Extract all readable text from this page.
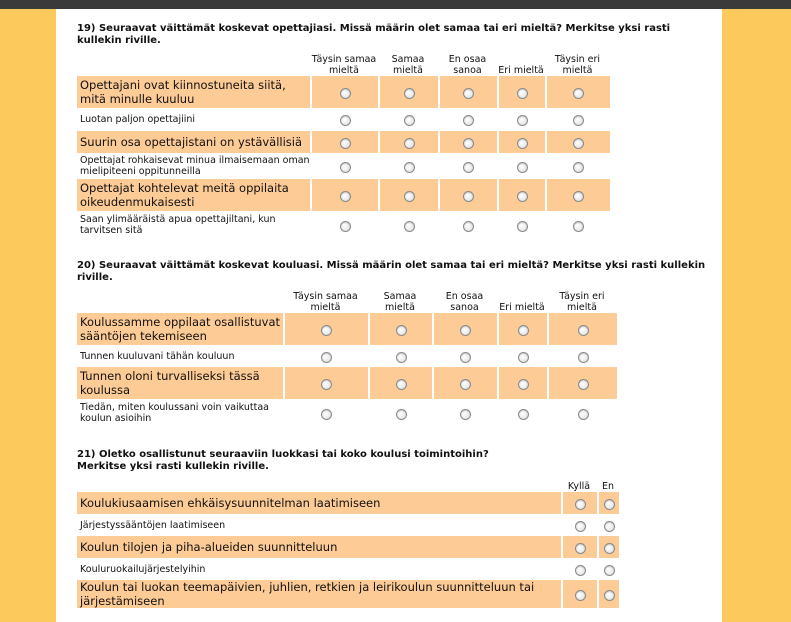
19) Seuraavat väittämät koskevat opettajiasi. Missä määrin olet samaa tai eri mieltä? Merkitse yksi rasti kullekin riville.
	Täysin samaa mieltä	Samaa mieltä	En osaa sanoa	Eri mieltä	Täysin eri mieltä
Opettajani ovat kiinnostuneita siitä, mitä minulle kuuluu					
Luotan paljon opettajiini					
Suurin osa opettajistani on ystävällisiä					
Opettajat rohkaisevat minua ilmaisemaan oman mielipiteeni oppitunneilla					
Opettajat kohtelevat meitä oppilaita oikeudenmukaisesti					
Saan ylimääräistä apua opettajiltani, kun tarvitsen sitä					
20) Seuraavat väittämät koskevat kouluasi. Missä määrin olet samaa tai eri mieltä? Merkitse yksi rasti kullekin riville.
	Täysin samaa mieltä	Samaa mieltä	En osaa sanoa	Eri mieltä	Täysin eri mieltä
Koulussamme oppilaat osallistuvat sääntöjen tekemiseen					
Tunnen kuuluvani tähän kouluun					
Tunnen oloni turvalliseksi tässä koulussa					
Tiedän, miten koulussani voin vaikuttaa koulun asioihin					
21) Oletko osallistunut seuraaviin luokkasi tai koko koulusi toimintoihin? Merkitse yksi rasti kullekin riville.
	Kyllä	En
Koulukiusaamisen ehkäisysuunnitelman laatimiseen		
Järjestyssääntöjen laatimiseen		
Koulun tilojen ja piha-alueiden suunnitteluun		
Kouluruokailujärjestelyihin		
Koulun tai luokan teemapäivien, juhlien, retkien ja leirikoulun suunnitteluun tai järjestämiseen		
